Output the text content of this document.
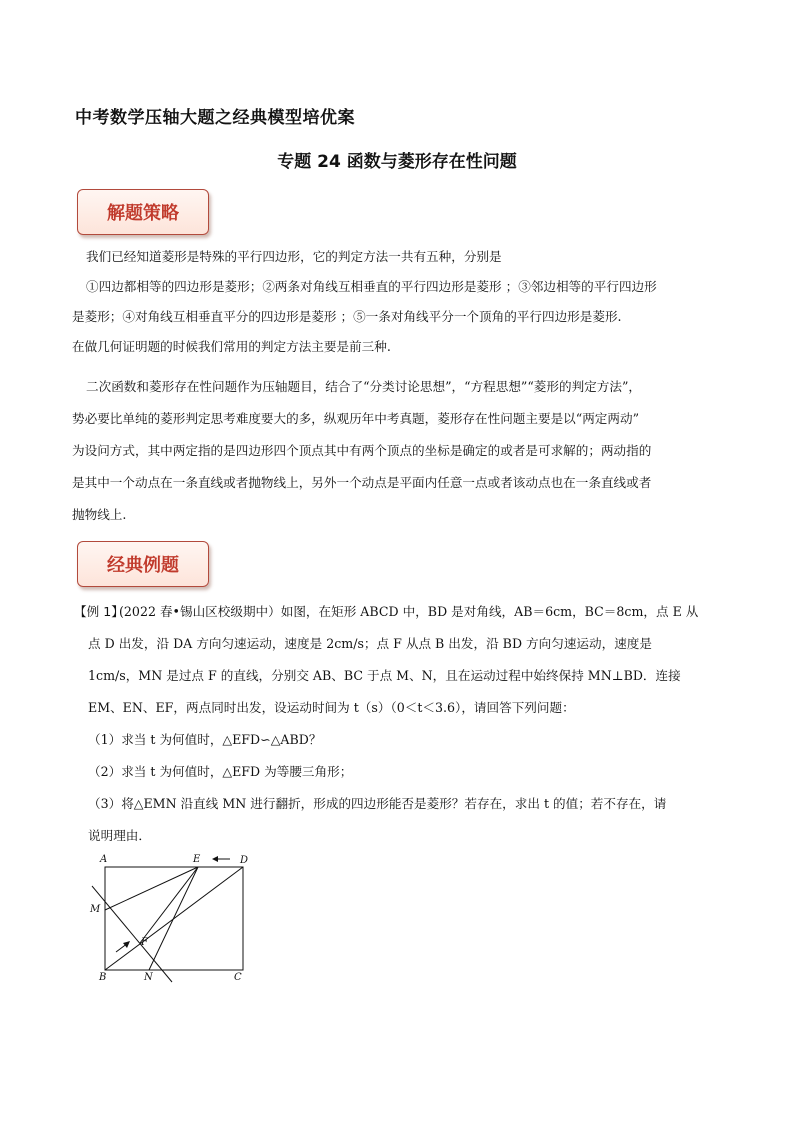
中考数学压轴大题之经典模型培优案
专题 24 函数与菱形存在性问题
解题策略
我们已经知道菱形是特殊的平行四边形，它的判定方法一共有五种，分别是
①四边都相等的四边形是菱形；②两条对角线互相垂直的平行四边形是菱形 ；③邻边相等的平行四边形
是菱形；④对角线互相垂直平分的四边形是菱形 ；⑤一条对角线平分一个顶角的平行四边形是菱形.
在做几何证明题的时候我们常用的判定方法主要是前三种.
二次函数和菱形存在性问题作为压轴题目，结合了“分类讨论思想”，“方程思想”“菱形的判定方法”，
势必要比单纯的菱形判定思考难度要大的多，纵观历年中考真题，菱形存在性问题主要是以“两定两动”
为设问方式，其中两定指的是四边形四个顶点其中有两个顶点的坐标是确定的或者是可求解的；两动指的
是其中一个动点在一条直线或者抛物线上，另外一个动点是平面内任意一点或者该动点也在一条直线或者
抛物线上.
经典例题
【例 1】
(2022 春•锡山区校级期中）如图，在矩形 ABCD 中，BD 是对角线，AB＝6cm，BC＝8cm，点 E 从
点 D 出发，沿 DA 方向匀速运动，速度是 2cm/s；点 F 从点 B 出发，沿 BD 方向匀速运动，速度是
1cm/s，MN 是过点 F 的直线，分别交 AB、BC 于点 M、N，且在运动过程中始终保持 MN⊥BD．连接
EM、EN、EF，两点同时出发，设运动时间为 t（s）（0＜t＜3.6），请回答下列问题：
（1）求当 t 为何值时，△EFD∽△ABD？
（2）求当 t 为何值时，△EFD 为等腰三角形；
（3）将△EMN 沿直线 MN 进行翻折，形成的四边形能否是菱形？若存在，求出 t 的值；若不存在，请
说明理由．
A	E	D
M
F
B	N	C
